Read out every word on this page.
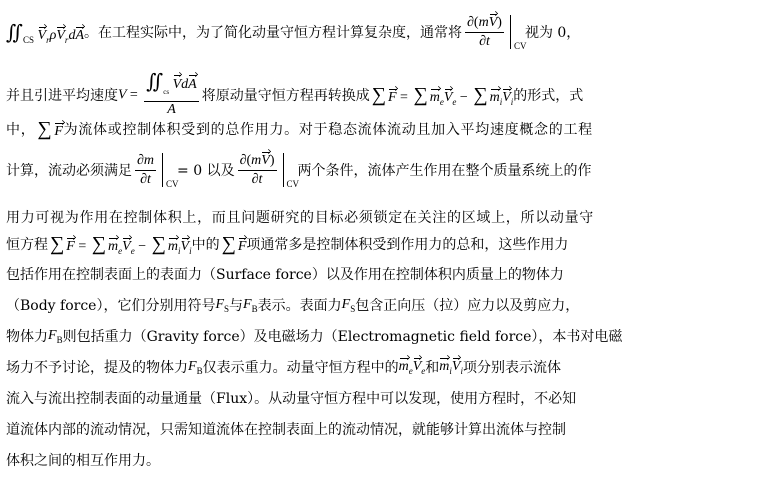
∬ $_{CS}$ $V_r\rho V_rdA$ 。在工程实际中，为了简化动量守恒方程计算复杂度，通常将 $\frac{\partial(mV)}{\partial t}$ CV
视为 0，
并且引进平均速度 $V = \frac{∬ _{cs} VdA}{A}$ 将原动量守恒方程再转换成 ∑ F = ∑ $m_eV_e$ − ∑ $m_iV_i$ 的形式，式
中， ∑ F 为流体或控制体积受到的总作用力。对于稳态流体流动且加入平均速度概念的工程
计算，流动必须满足 $\frac{\partial m}{\partial t}$ CV
= 0 以及 $\frac{\partial(mV)}{\partial t}$ CV
两个条件，流体产生作用在整个质量系统上的作
用力可视为作用在控制体积上，而且问题研究的目标必须锁定在关注的区域上，所以动量守
恒方程 ∑ F = ∑ $m_eV_e$ − ∑ $m_iV_i$ 中的 ∑ F 项通常多是控制体积受到作用力的总和，这些作用力
包括作用在控制表面上的表面力（Surface force）以及作用在控制体积内质量上的物体力
（Body force），它们分别用符号 $F_S$ 与 $F_B$ 表示。表面力 $F_S$ 包含正向压（拉）应力以及剪应力，
物体力 $F_B$ 则包括重力（Gravity force）及电磁场力（Electromagnetic field force），本书对电磁
场力不予讨论，提及的物体力 $F_B$ 仅表示重力。动量守恒方程中的 $m_eV_e$ 和 $m_iV_i$ 项分别表示流体
流入与流出控制表面的动量通量（Flux）。从动量守恒方程中可以发现，使用方程时，不必知
道流体内部的流动情况，只需知道流体在控制表面上的流动情况，就能够计算出流体与控制
体积之间的相互作用力。
